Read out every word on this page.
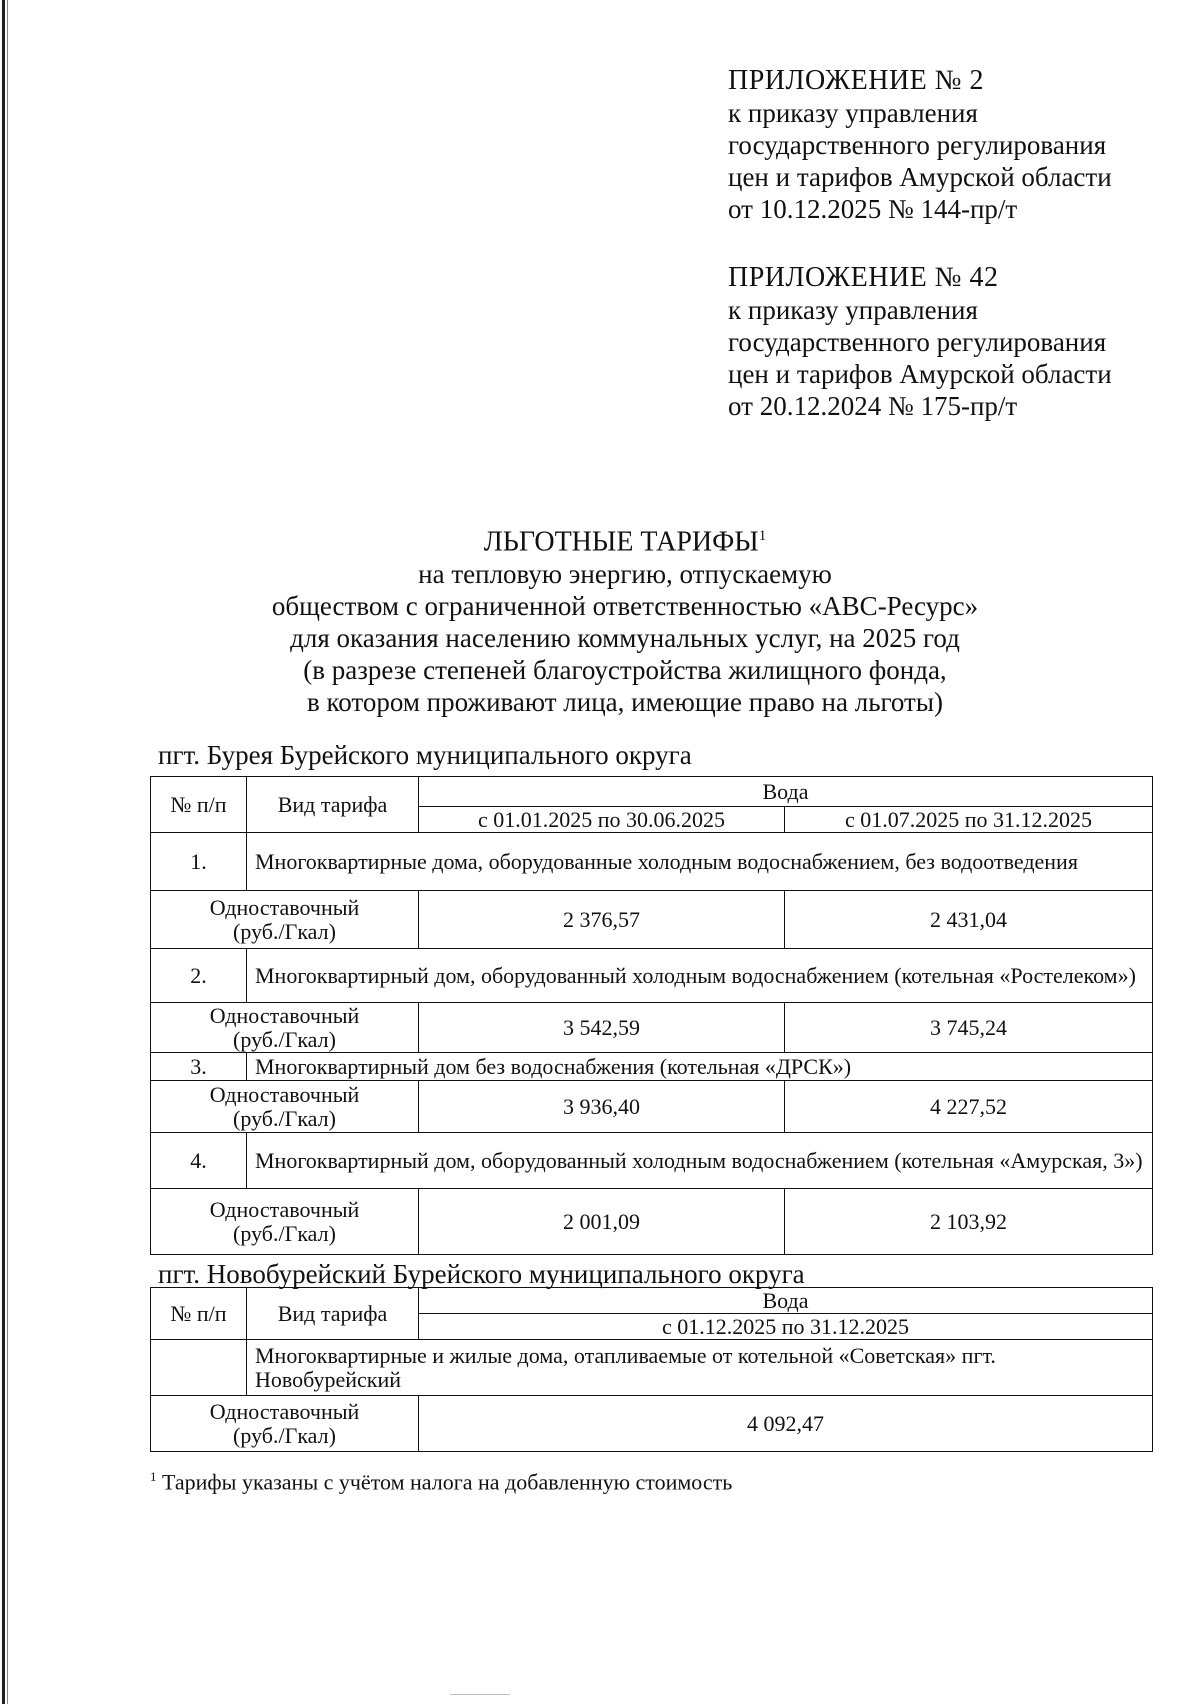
ПРИЛОЖЕНИЕ № 2
к приказу управления
государственного регулирования
цен и тарифов Амурской области
от 10.12.2025 № 144-пр/т
ПРИЛОЖЕНИЕ № 42
к приказу управления
государственного регулирования
цен и тарифов Амурской области
от 20.12.2024 № 175-пр/т
ЛЬГОТНЫЕ ТАРИФЫ$^1$
на тепловую энергию, отпускаемую
обществом с ограниченной ответственностью «АВС-Ресурс»
для оказания населению коммунальных услуг, на 2025 год
(в разрезе степеней благоустройства жилищного фонда,
в котором проживают лица, имеющие право на льготы)
пгт. Бурея Бурейского муниципального округа
№ п/п	Вид тарифа	Вода	
		с 01.01.2025 по 30.06.2025	с 01.07.2025 по 31.12.2025
1.	Многоквартирные дома, оборудованные холодным водоснабжением, без водоотведения		

Одноставочный
(руб./Гкал)		2 376,57	2 431,04
2.	Многоквартирный дом, оборудованный холодным водоснабжением (котельная «Ростелеком»)		

Одноставочный
(руб./Гкал)		3 542,59	3 745,24
3.	Многоквартирный дом без водоснабжения (котельная «ДРСК»)		

Одноставочный
(руб./Гкал)		3 936,40	4 227,52
4.	Многоквартирный дом, оборудованный холодным водоснабжением (котельная «Амурская, 3»)		

Одноставочный
(руб./Гкал)		2 001,09	2 103,92
пгт. Новобурейский Бурейского муниципального округа
№ п/п	Вид тарифа	Вода
		с 01.12.2025 по 31.12.2025
	Многоквартирные и жилые дома, отапливаемые от котельной «Советская» пгт. Новобурейский	

Одноставочный
(руб./Гкал)		4 092,47
$^1$ Тарифы указаны с учётом налога на добавленную стоимость
